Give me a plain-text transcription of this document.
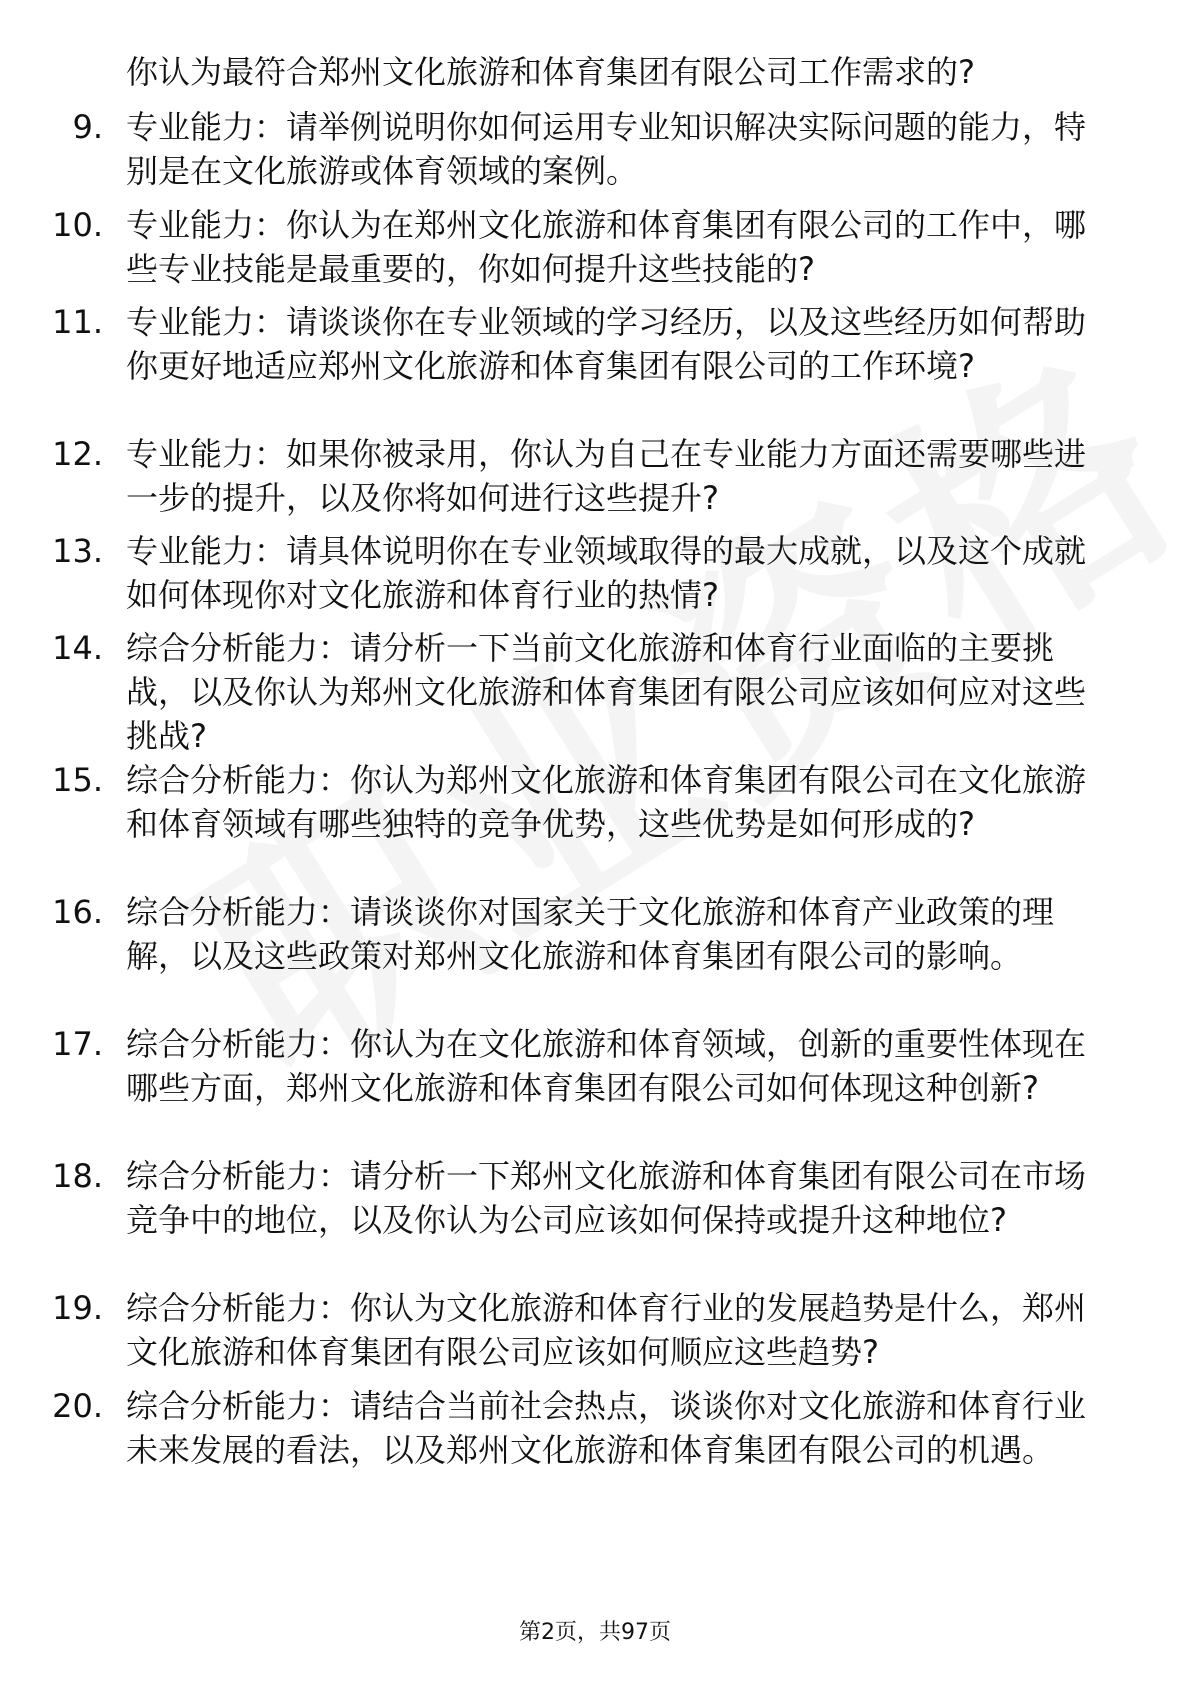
你认为最符合郑州文化旅游和体育集团有限公司工作需求的?
9. 专业能力：请举例说明你如何运用专业知识解决实际问题的能力，特别是在文化旅游或体育领域的案例。
10. 专业能力：你认为在郑州文化旅游和体育集团有限公司的工作中，哪些专业技能是最重要的，你如何提升这些技能的?
11. 专业能力：请谈谈你在专业领域的学习经历，以及这些经历如何帮助你更好地适应郑州文化旅游和体育集团有限公司的工作环境?
12. 专业能力：如果你被录用，你认为自己在专业能力方面还需要哪些进一步的提升，以及你将如何进行这些提升?
13. 专业能力：请具体说明你在专业领域取得的最大成就，以及这个成就如何体现你对文化旅游和体育行业的热情?
14. 综合分析能力：请分析一下当前文化旅游和体育行业面临的主要挑战，以及你认为郑州文化旅游和体育集团有限公司应该如何应对这些挑战?
15. 综合分析能力：你认为郑州文化旅游和体育集团有限公司在文化旅游和体育领域有哪些独特的竞争优势，这些优势是如何形成的?
16. 综合分析能力：请谈谈你对国家关于文化旅游和体育产业政策的理解，以及这些政策对郑州文化旅游和体育集团有限公司的影响。
17. 综合分析能力：你认为在文化旅游和体育领域，创新的重要性体现在哪些方面，郑州文化旅游和体育集团有限公司如何体现这种创新?
18. 综合分析能力：请分析一下郑州文化旅游和体育集团有限公司在市场竞争中的地位，以及你认为公司应该如何保持或提升这种地位?
19. 综合分析能力：你认为文化旅游和体育行业的发展趋势是什么，郑州文化旅游和体育集团有限公司应该如何顺应这些趋势?
20. 综合分析能力：请结合当前社会热点，谈谈你对文化旅游和体育行业未来发展的看法，以及郑州文化旅游和体育集团有限公司的机遇。
第2页，共97页
